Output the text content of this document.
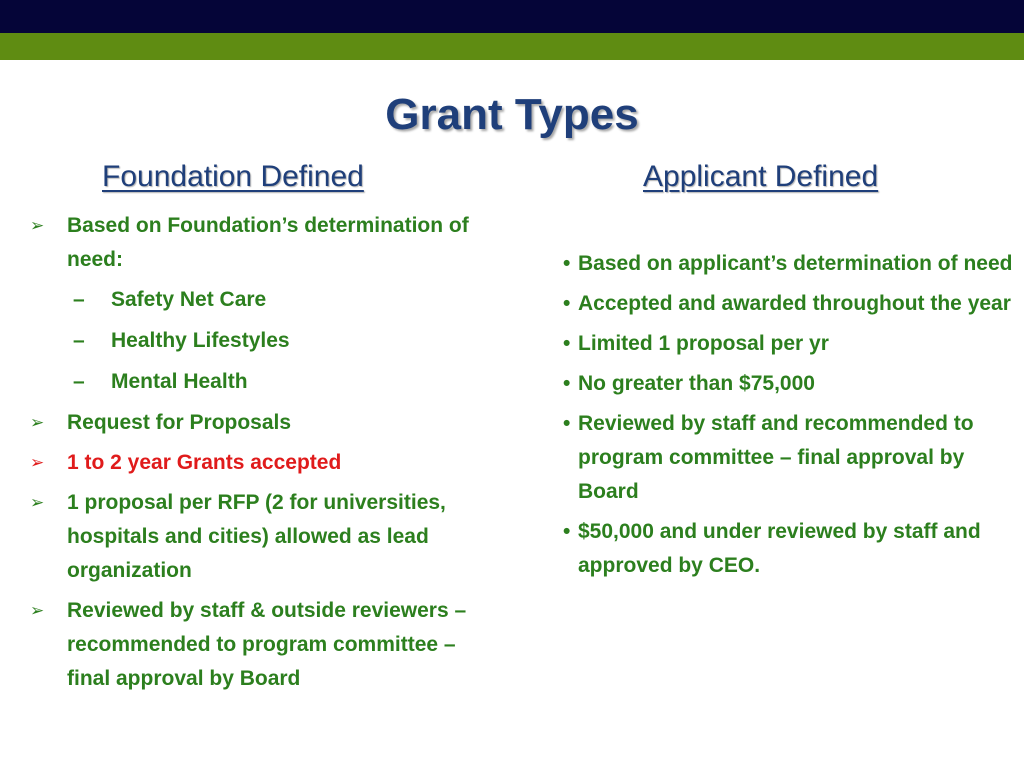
Grant Types
Foundation Defined	Applicant Defined
➢ Based on Foundation’s determination of need:
– Safety Net Care
– Healthy Lifestyles
– Mental Health
➢ Request for Proposals
➢ 1 to 2 year Grants accepted
➢ 1 proposal per RFP (2 for universities, hospitals and cities) allowed as lead organization
➢ Reviewed by staff & outside reviewers – recommended to program committee – final approval by Board
• Based on applicant’s determination of need
• Accepted and awarded throughout the year
• Limited 1 proposal per yr
• No greater than $75,000
• Reviewed by staff and recommended to program committee – final approval by Board
• $50,000 and under reviewed by staff and approved by CEO.
